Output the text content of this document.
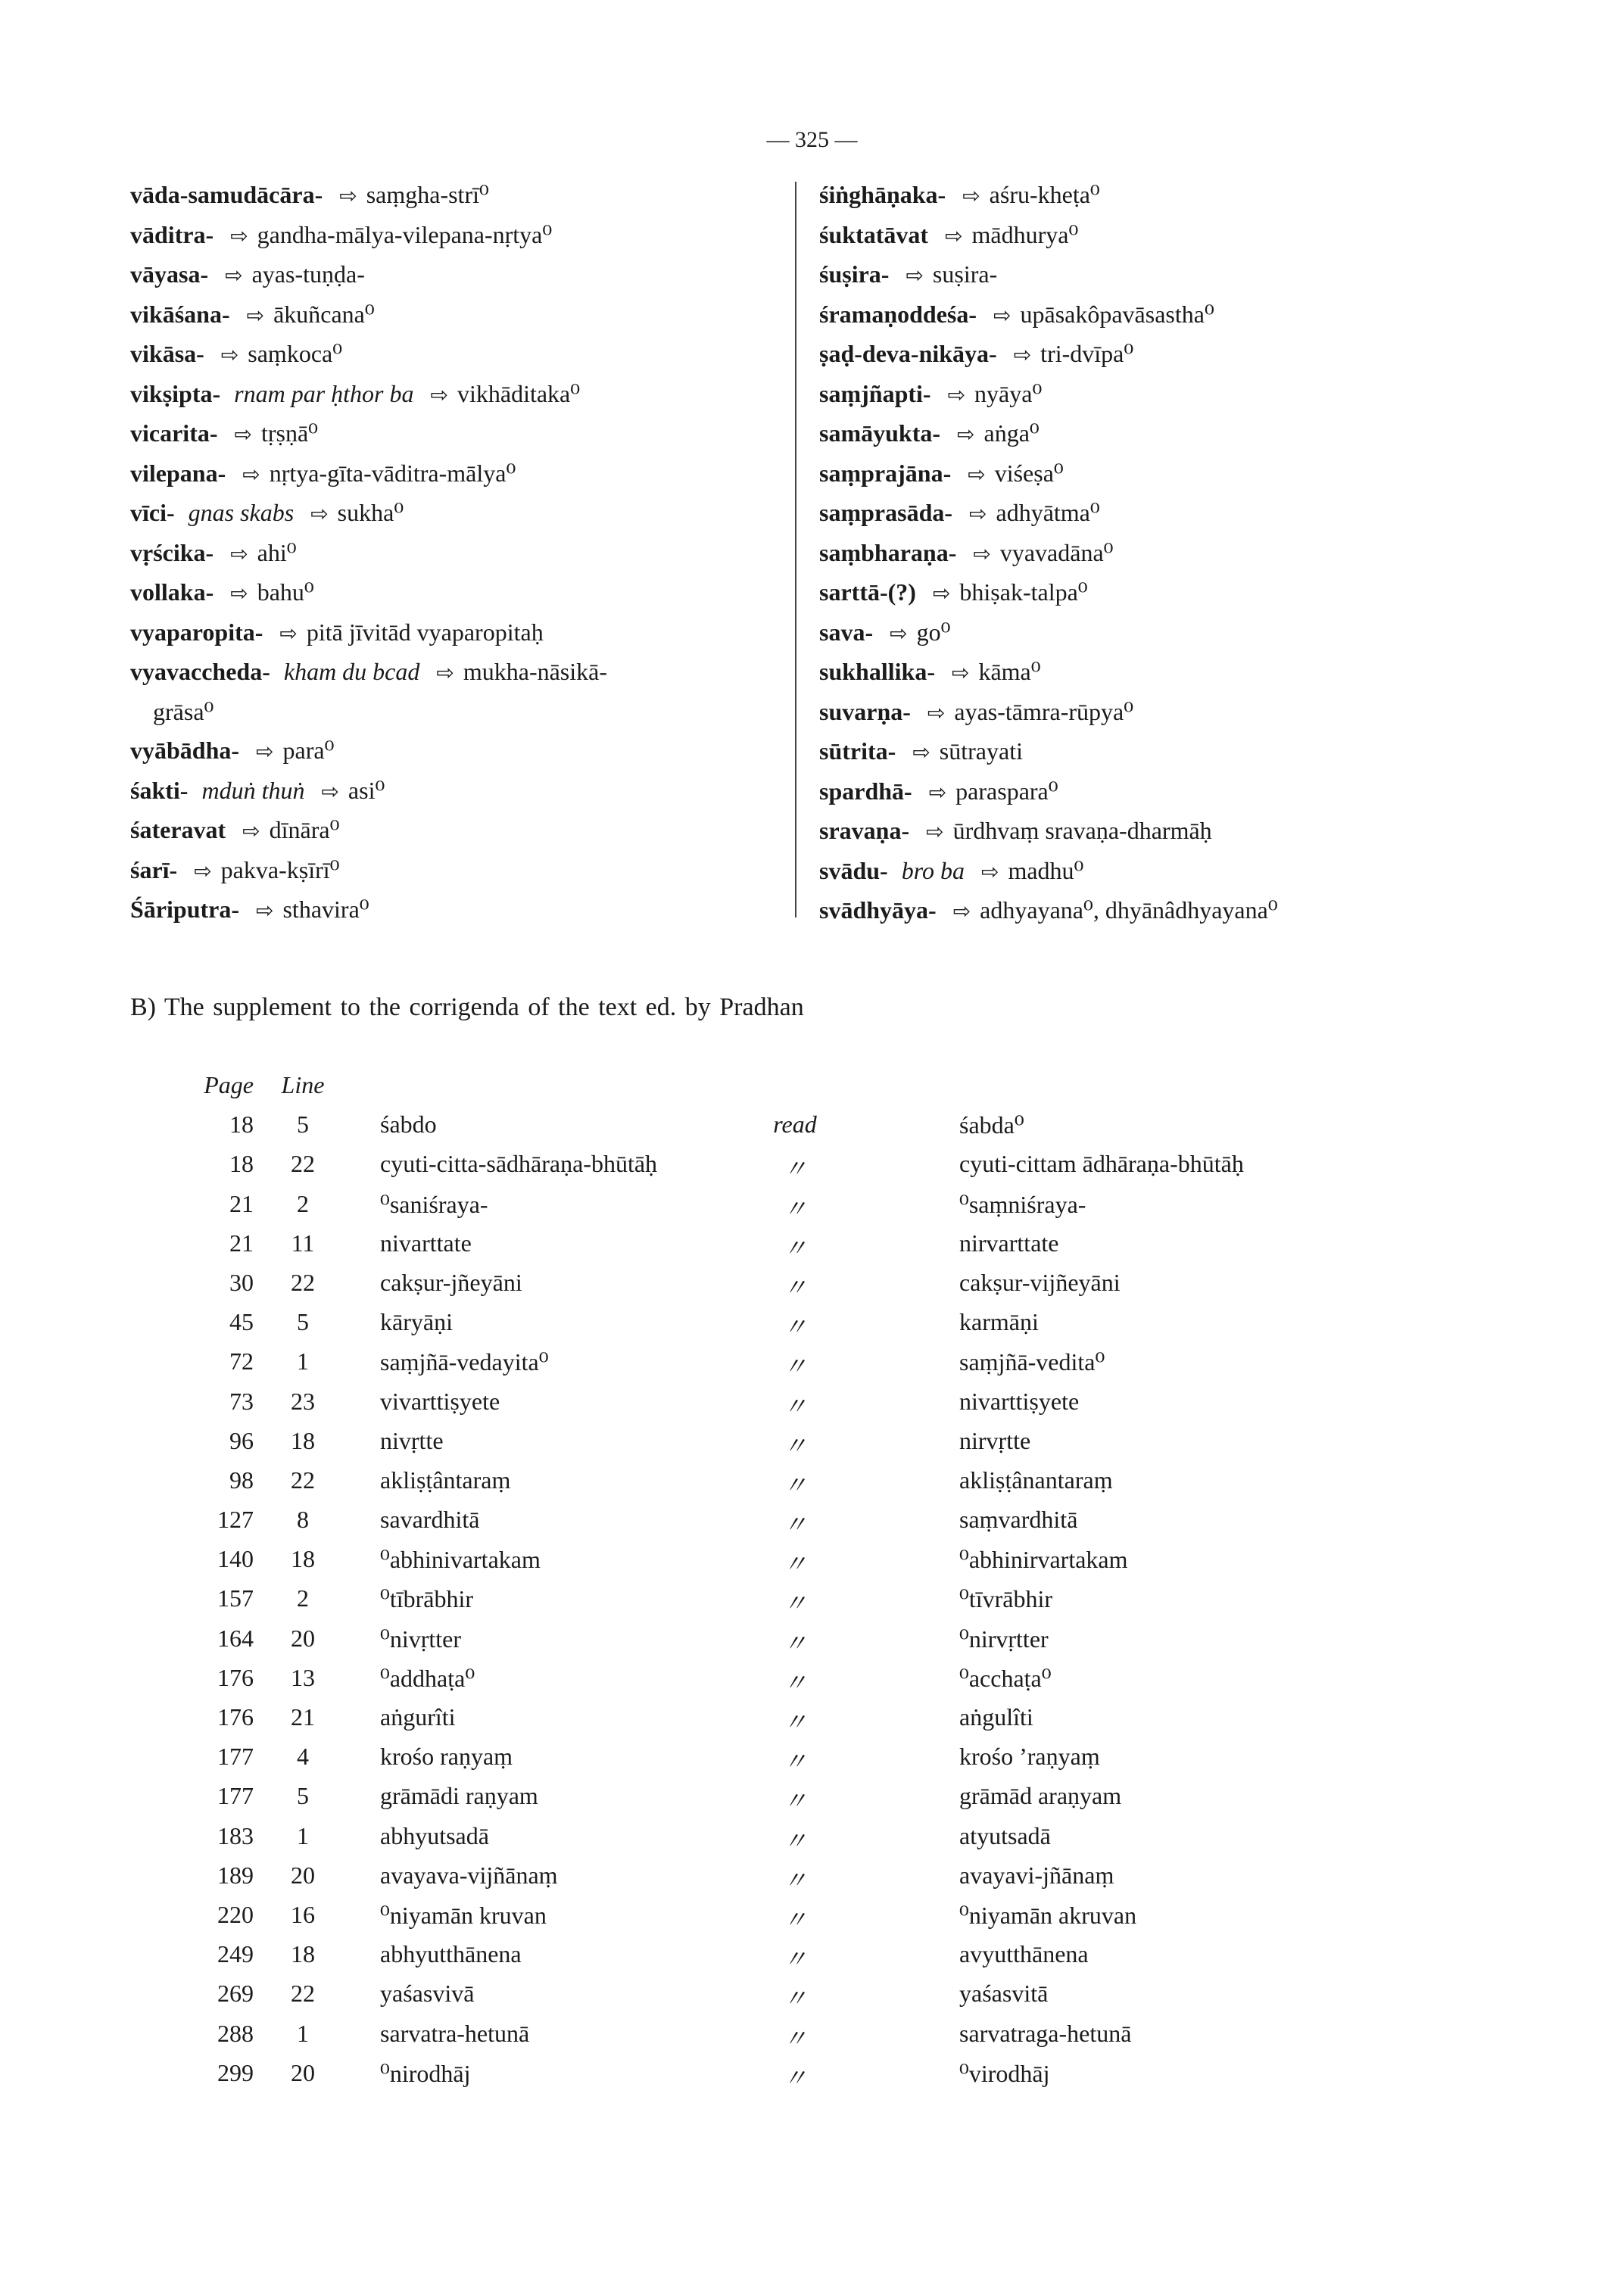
— 325 —
vāda-samudācāra- ⇨ saṃgha-strī⁰
vāditra- ⇨ gandha-mālya-vilepana-nṛtya⁰
vāyasa- ⇨ ayas-tuṇḍa-
vikāśana- ⇨ ākuñcana⁰
vikāsa- ⇨ saṃkoca⁰
vikṣipta- rnam par ḥthor ba ⇨ vikhāditaka⁰
vicarita- ⇨ tṛṣṇā⁰
vilepana- ⇨ nṛtya-gīta-vāditra-mālya⁰
vīci- gnas skabs ⇨ sukha⁰
vṛścika- ⇨ ahi⁰
vollaka- ⇨ bahu⁰
vyaparopita- ⇨ pitā jīvitād vyaparopitaḥ
vyavaccheda- kham du bcad ⇨ mukha-nāsikā-
grāsa⁰
vyābādha- ⇨ para⁰
śakti- mduṅ thuṅ ⇨ asi⁰
śateravat ⇨ dīnāra⁰
śarī- ⇨ pakva-kṣīrī⁰
Śāriputra- ⇨ sthavira⁰
śiṅghāṇaka- ⇨ aśru-kheṭa⁰
śuktatāvat ⇨ mādhurya⁰
śuṣira- ⇨ suṣira-
śramaṇoddeśa- ⇨ upāsakôpavāsastha⁰
ṣaḍ-deva-nikāya- ⇨ tri-dvīpa⁰
saṃjñapti- ⇨ nyāya⁰
samāyukta- ⇨ aṅga⁰
saṃprajāna- ⇨ viśeṣa⁰
saṃprasāda- ⇨ adhyātma⁰
saṃbharaṇa- ⇨ vyavadāna⁰
sarttā-(?) ⇨ bhiṣak-talpa⁰
sava- ⇨ go⁰
sukhallika- ⇨ kāma⁰
suvarṇa- ⇨ ayas-tāmra-rūpya⁰
sūtrita- ⇨ sūtrayati
spardhā- ⇨ paraspara⁰
sravaṇa- ⇨ ūrdhvaṃ sravaṇa-dharmāḥ
svādu- bro ba ⇨ madhu⁰
svādhyāya- ⇨ adhyayana⁰, dhyānâdhyayana⁰
B) The supplement to the corrigenda of the text ed. by Pradhan
Page	Line
18	5	śabdo	read	śabda⁰
18	22	cyuti-citta-sādhāraṇa-bhūtāḥ	〃	cyuti-cittam ādhāraṇa-bhūtāḥ
21	2	⁰saniśraya-	〃	⁰saṃniśraya-
21	11	nivarttate	〃	nirvarttate
30	22	cakṣur-jñeyāni	〃	cakṣur-vijñeyāni
45	5	kāryāṇi	〃	karmāṇi
72	1	saṃjñā-vedayita⁰	〃	saṃjñā-vedita⁰
73	23	vivarttiṣyete	〃	nivarttiṣyete
96	18	nivṛtte	〃	nirvṛtte
98	22	akliṣṭântaraṃ	〃	akliṣṭânantaraṃ
127	8	savardhitā	〃	saṃvardhitā
140	18	⁰abhinivartakam	〃	⁰abhinirvartakam
157	2	⁰tībrābhir	〃	⁰tīvrābhir
164	20	⁰nivṛtter	〃	⁰nirvṛtter
176	13	⁰addhaṭa⁰	〃	⁰acchaṭa⁰
176	21	aṅgurîti	〃	aṅgulîti
177	4	krośo raṇyaṃ	〃	krośo ’raṇyaṃ
177	5	grāmādi raṇyam	〃	grāmād araṇyam
183	1	abhyutsadā	〃	atyutsadā
189	20	avayava-vijñānaṃ	〃	avayavi-jñānaṃ
220	16	⁰niyamān kruvan	〃	⁰niyamān akruvan
249	18	abhyutthānena	〃	avyutthānena
269	22	yaśasvivā	〃	yaśasvitā
288	1	sarvatra-hetunā	〃	sarvatraga-hetunā
299	20	⁰nirodhāj	〃	⁰virodhāj
